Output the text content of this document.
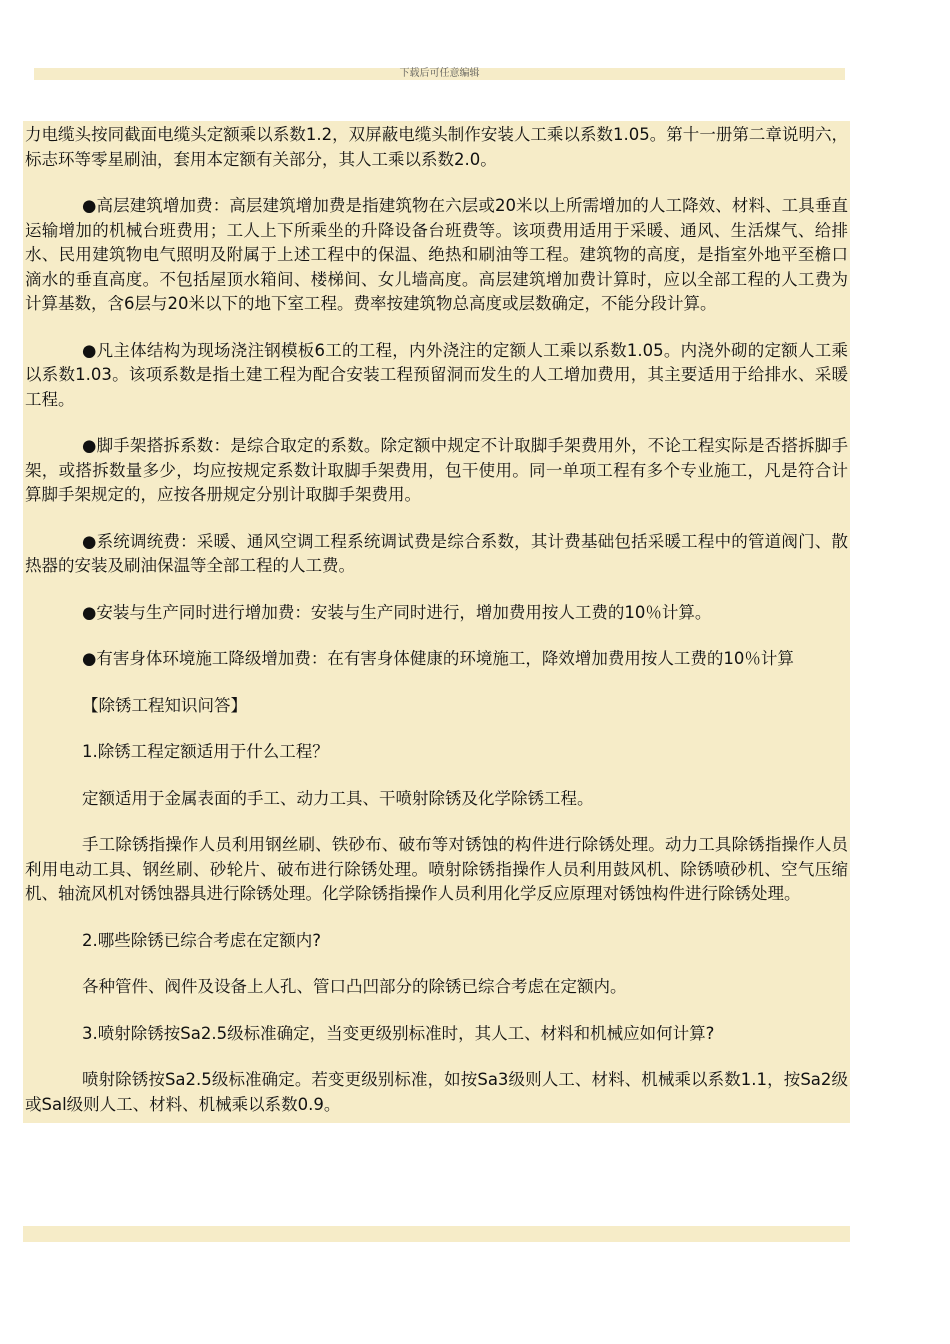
下载后可任意编辑

力电缆头按同截面电缆头定额乘以系数1.2，双屏蔽电缆头制作安装人工乘以系数1.05。第十一册第二章说明六，标志环等零星刷油，套用本定额有关部分，其人工乘以系数2.0。

●高层建筑增加费：高层建筑增加费是指建筑物在六层或20米以上所需增加的人工降效、材料、工具垂直运输增加的机械台班费用；工人上下所乘坐的升降设备台班费等。该项费用适用于采暖、通风、生活煤气、给排水、民用建筑物电气照明及附属于上述工程中的保温、绝热和刷油等工程。建筑物的高度，是指室外地平至檐口滴水的垂直高度。不包括屋顶水箱间、楼梯间、女儿墙高度。高层建筑增加费计算时，应以全部工程的人工费为计算基数，含6层与20米以下的地下室工程。费率按建筑物总高度或层数确定，不能分段计算。

●凡主体结构为现场浇注钢模板6工的工程，内外浇注的定额人工乘以系数1.05。内浇外砌的定额人工乘以系数1.03。该项系数是指土建工程为配合安装工程预留洞而发生的人工增加费用，其主要适用于给排水、采暖工程。

●脚手架搭拆系数：是综合取定的系数。除定额中规定不计取脚手架费用外，不论工程实际是否搭拆脚手架，或搭拆数量多少，均应按规定系数计取脚手架费用，包干使用。同一单项工程有多个专业施工，凡是符合计算脚手架规定的，应按各册规定分别计取脚手架费用。

●系统调统费：采暖、通风空调工程系统调试费是综合系数，其计费基础包括采暖工程中的管道阀门、散热器的安装及刷油保温等全部工程的人工费。

●安装与生产同时进行增加费：安装与生产同时进行，增加费用按人工费的10％计算。

●有害身体环境施工降级增加费：在有害身体健康的环境施工，降效增加费用按人工费的10％计算

【除锈工程知识问答】

1.除锈工程定额适用于什么工程？

定额适用于金属表面的手工、动力工具、干喷射除锈及化学除锈工程。

手工除锈指操作人员利用钢丝刷、铁砂布、破布等对锈蚀的构件进行除锈处理。动力工具除锈指操作人员利用电动工具、钢丝刷、砂轮片、破布进行除锈处理。喷射除锈指操作人员利用鼓风机、除锈喷砂机、空气压缩机、轴流风机对锈蚀器具进行除锈处理。化学除锈指操作人员利用化学反应原理对锈蚀构件进行除锈处理。

2.哪些除锈已综合考虑在定额内?

各种管件、阀件及设备上人孔、管口凸凹部分的除锈已综合考虑在定额内。

3.喷射除锈按Sa2.5级标准确定，当变更级别标准时，其人工、材料和机械应如何计算?

喷射除锈按Sa2.5级标准确定。若变更级别标准，如按Sa3级则人工、材料、机械乘以系数1.1，按Sa2级或Sal级则人工、材料、机械乘以系数0.9。
